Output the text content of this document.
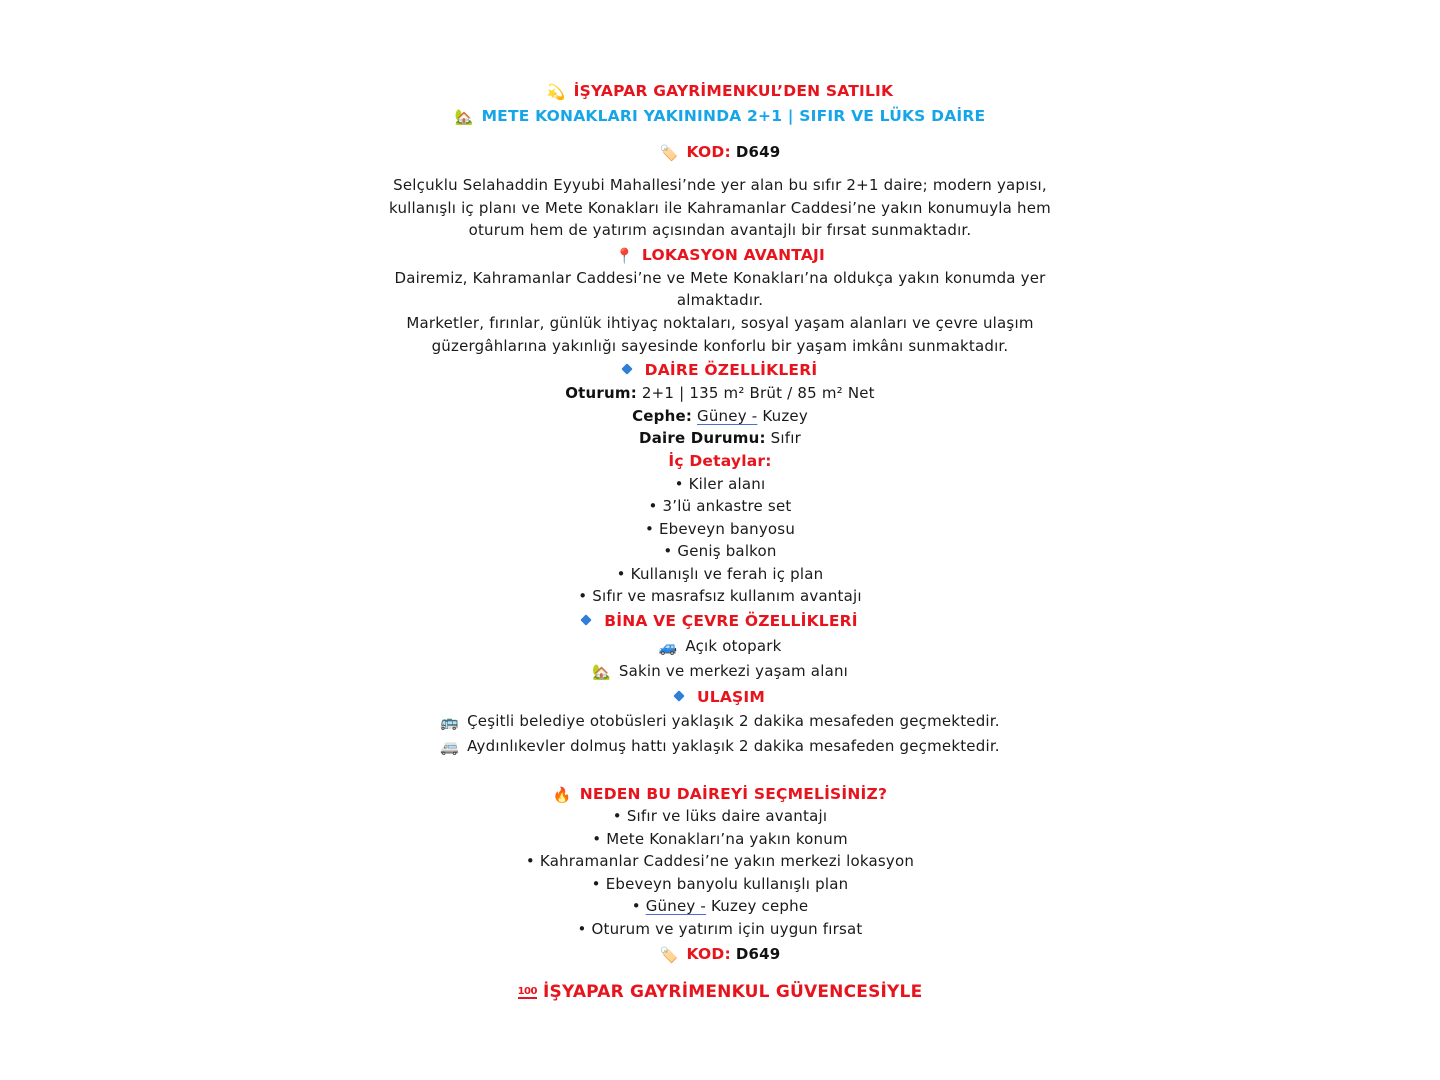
💫 İŞYAPAR GAYRİMENKUL’DEN SATILIK
🏡 METE KONAKLARI YAKININDA 2+1 | SIFIR VE LÜKS DAİRE
🏷️ KOD: D649
Selçuklu Selahaddin Eyyubi Mahallesi’nde yer alan bu sıfır 2+1 daire; modern yapısı,
kullanışlı iç planı ve Mete Konakları ile Kahramanlar Caddesi’ne yakın konumuyla hem
oturum hem de yatırım açısından avantajlı bir fırsat sunmaktadır.
📍 LOKASYON AVANTAJI
Dairemiz, Kahramanlar Caddesi’ne ve Mete Konakları’na oldukça yakın konumda yer
almaktadır.
Marketler, fırınlar, günlük ihtiyaç noktaları, sosyal yaşam alanları ve çevre ulaşım
güzergâhlarına yakınlığı sayesinde konforlu bir yaşam imkânı sunmaktadır.
DAİRE ÖZELLİKLERİ
Oturum: 2+1 | 135 m² Brüt / 85 m² Net
Cephe: Güney - Kuzey
Daire Durumu: Sıfır
İç Detaylar:
• Kiler alanı
• 3’lü ankastre set
• Ebeveyn banyosu
• Geniş balkon
• Kullanışlı ve ferah iç plan
• Sıfır ve masrafsız kullanım avantajı
BİNA VE ÇEVRE ÖZELLİKLERİ
🚙 Açık otopark
🏡 Sakin ve merkezi yaşam alanı
ULAŞIM
🚌 Çeşitli belediye otobüsleri yaklaşık 2 dakika mesafeden geçmektedir.
🚐 Aydınlıkevler dolmuş hattı yaklaşık 2 dakika mesafeden geçmektedir.
🔥 NEDEN BU DAİREYİ SEÇMELİSİNİZ?
• Sıfır ve lüks daire avantajı
• Mete Konakları’na yakın konum
• Kahramanlar Caddesi’ne yakın merkezi lokasyon
• Ebeveyn banyolu kullanışlı plan
• Güney - Kuzey cephe
• Oturum ve yatırım için uygun fırsat
🏷️ KOD: D649
100 İŞYAPAR GAYRİMENKUL GÜVENCESİYLE
